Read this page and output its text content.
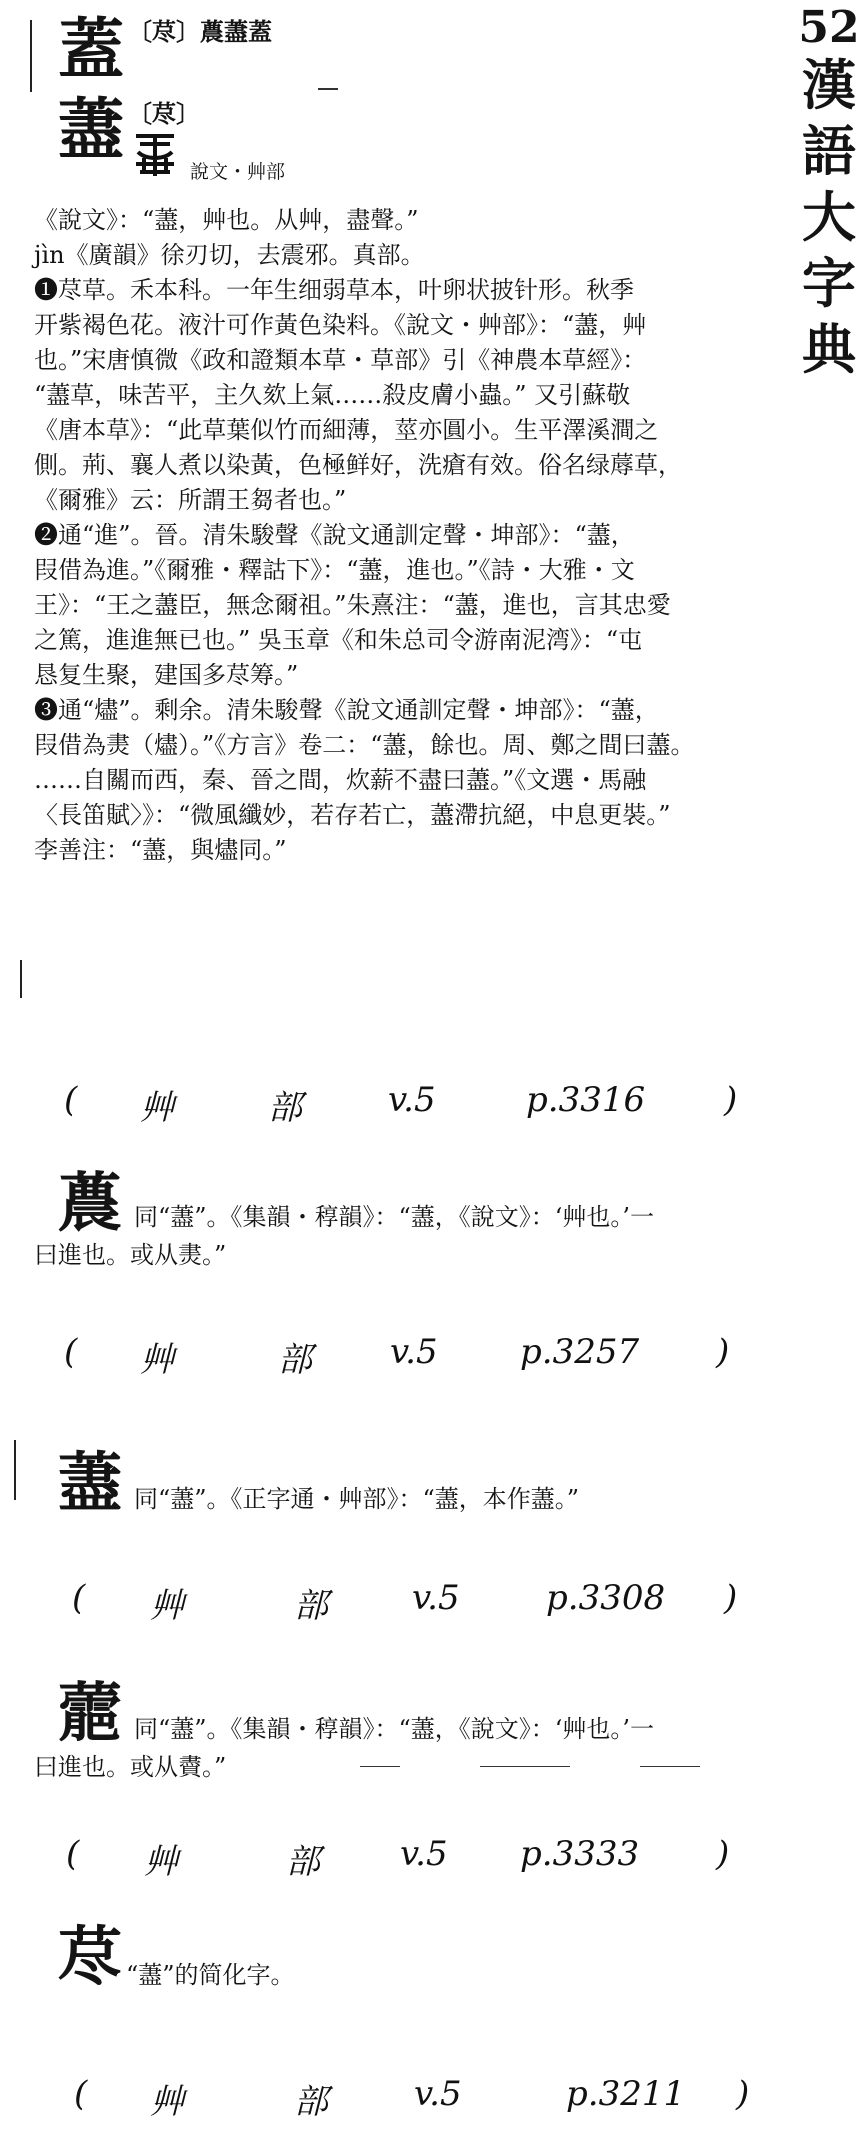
52
漢
語
大
字
典
蓋 〔荩〕蕽藎蓋
藎 〔荩〕
說文・艸部
《說文》：“藎，艸也。从艸，盡聲。”
jìn《廣韻》徐刃切，去震邪。真部。
❶荩草。禾本科。一年生细弱草本，叶卵状披针形。秋季
开紫褐色花。液汁可作黃色染料。《說文・艸部》：“藎，艸
也。”宋唐慎微《政和證類本草・草部》引《神農本草經》：
“藎草，味苦平，主久欬上氣……殺皮膚小蟲。” 又引蘇敬
《唐本草》：“此草葉似竹而細薄，莖亦圓小。生平澤溪澗之
側。荊、襄人煮以染黃，色極鲜好，洗瘡有效。俗名绿蓐草，
《爾雅》云：所謂王芻者也。”
❷通“進”。晉。清朱駿聲《說文通訓定聲・坤部》：“藎，
叚借為進。”《爾雅・釋詁下》：“藎，進也。”《詩・大雅・文
王》：“王之藎臣，無念爾祖。”朱熹注：“藎，進也，言其忠愛
之篤，進進無已也。” 吳玉章《和朱总司令游南泥湾》：“屯
恳复生聚，建国多荩筹。”
❸通“燼”。剩余。清朱駿聲《說文通訓定聲・坤部》：“藎，
叚借為㶳（燼）。”《方言》卷二：“藎，餘也。周、鄭之間曰藎。
……自關而西，秦、晉之間，炊薪不盡曰藎。”《文選・馬融
〈長笛賦〉》：“微風纖妙，若存若亡，藎滯抗絕，中息更裝。”
李善注：“藎，與燼同。”
( 艸	部	v.5	p.3316 )
蕽 同“藎”。《集韻・稕韻》：“藎，《說文》：‘艸也。’一
曰進也。或从㶳。”
( 艸	部 v.5 p.3257 )
藎 同“藎”。《正字通・艸部》：“藎，本作藎。”
( 艸	部 v.5	p.3308 )
蘎 同“藎”。《集韻・稕韻》：“藎，《說文》：‘艸也。’一
曰進也。或从賮。”
( 艸	部 v.5 p.3333 )
荩 “藎”的简化字。
( 艸	部	v.5	p.3211 )
